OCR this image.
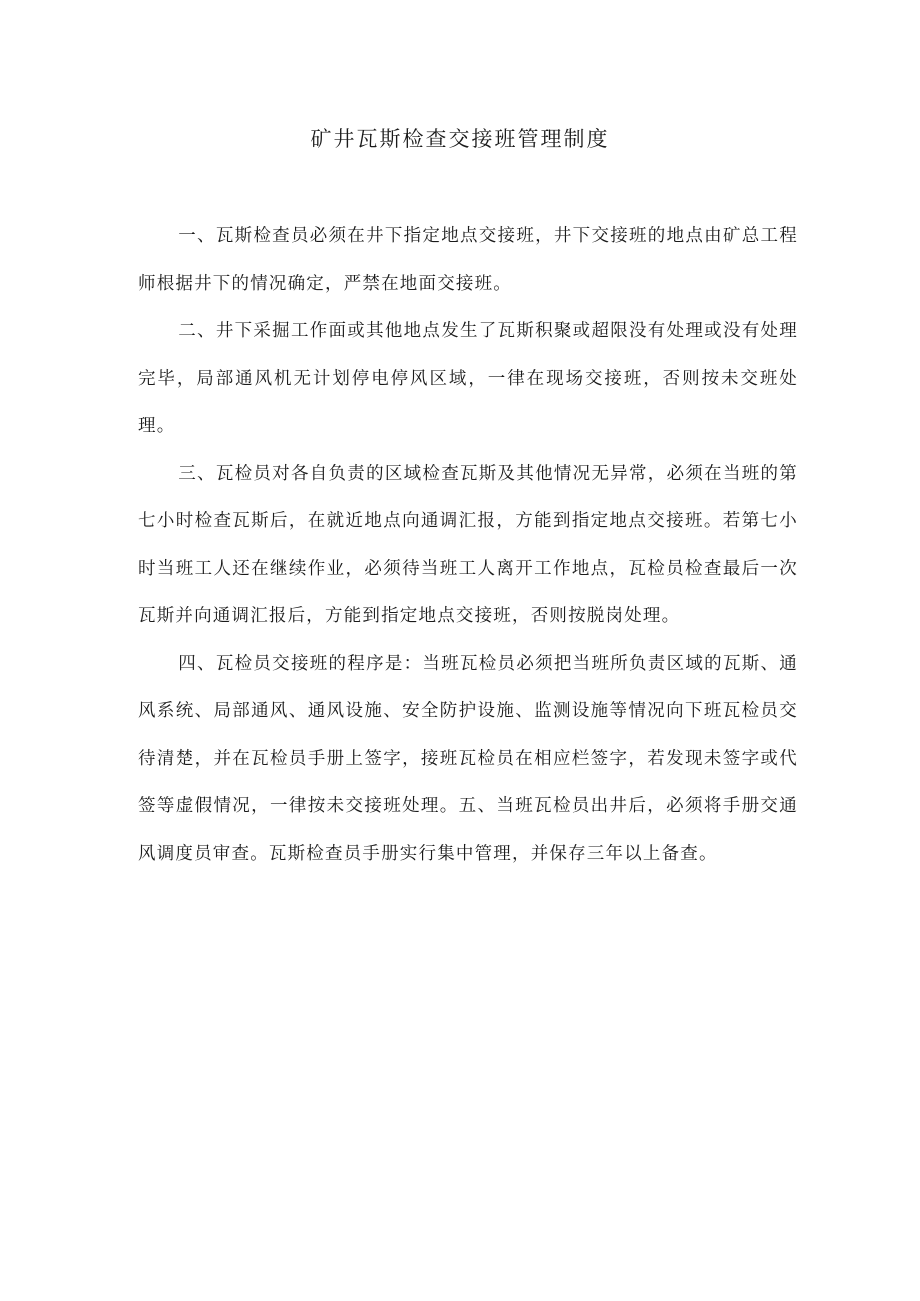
矿井瓦斯检查交接班管理制度

一、瓦斯检查员必须在井下指定地点交接班，井下交接班的地点由矿总工程师根据井下的情况确定，严禁在地面交接班。

二、井下采掘工作面或其他地点发生了瓦斯积聚或超限没有处理或没有处理完毕，局部通风机无计划停电停风区域，一律在现场交接班，否则按未交班处理。

三、瓦检员对各自负责的区域检查瓦斯及其他情况无异常，必须在当班的第七小时检查瓦斯后，在就近地点向通调汇报，方能到指定地点交接班。若第七小时当班工人还在继续作业，必须待当班工人离开工作地点，瓦检员检查最后一次瓦斯并向通调汇报后，方能到指定地点交接班，否则按脱岗处理。

四、瓦检员交接班的程序是：当班瓦检员必须把当班所负责区域的瓦斯、通风系统、局部通风、通风设施、安全防护设施、监测设施等情况向下班瓦检员交待清楚，并在瓦检员手册上签字，接班瓦检员在相应栏签字，若发现未签字或代签等虚假情况，一律按未交接班处理。五、当班瓦检员出井后，必须将手册交通风调度员审查。瓦斯检查员手册实行集中管理，并保存三年以上备查。
